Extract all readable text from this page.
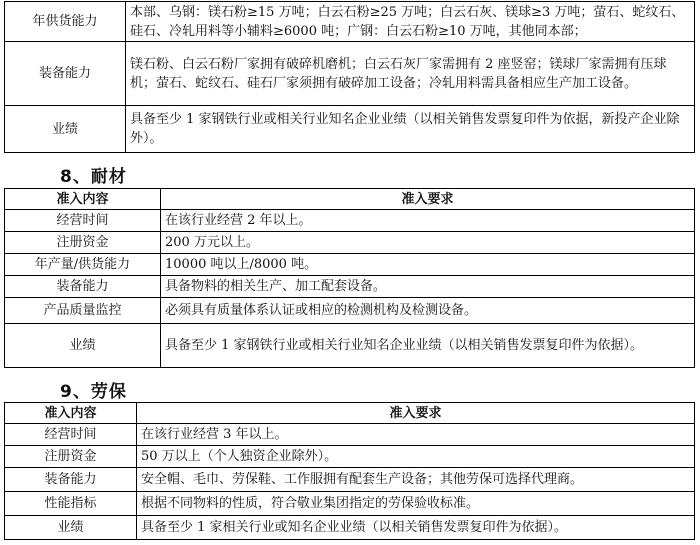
年供货能力	本部、乌钢：镁石粉≥15 万吨；白云石粉≥25 万吨；白云石灰、镁球≥3 万吨；萤石、蛇纹石、硅石、冷轧用料等小辅料≥6000 吨；广钢：白云石粉≥10 万吨，其他同本部；
装备能力	镁石粉、白云石粉厂家拥有破碎机磨机；白云石灰厂家需拥有 2 座竖窑；镁球厂家需拥有压球机；萤石、蛇纹石、硅石厂家须拥有破碎加工设备；冷轧用料需具备相应生产加工设备。
业绩	具备至少 1 家钢铁行业或相关行业知名企业业绩（以相关销售发票复印件为依据，新投产企业除外）。
8、耐材
准入内容	准入要求
经营时间	在该行业经营 2 年以上。
注册资金	200 万元以上。
年产量/供货能力	10000 吨以上/8000 吨。
装备能力	具备物料的相关生产、加工配套设备。
产品质量监控	必须具有质量体系认证或相应的检测机构及检测设备。
业绩	具备至少 1 家钢铁行业或相关行业知名企业业绩（以相关销售发票复印件为依据）。
9、劳保
准入内容	准入要求
经营时间	在该行业经营 3 年以上。
注册资金	50 万以上（个人独资企业除外）。
装备能力	安全帽、毛巾、劳保鞋、工作服拥有配套生产设备；其他劳保可选择代理商。
性能指标	根据不同物料的性质，符合敬业集团指定的劳保验收标准。
业绩	具备至少 1 家相关行业或知名企业业绩（以相关销售发票复印件为依据）。
